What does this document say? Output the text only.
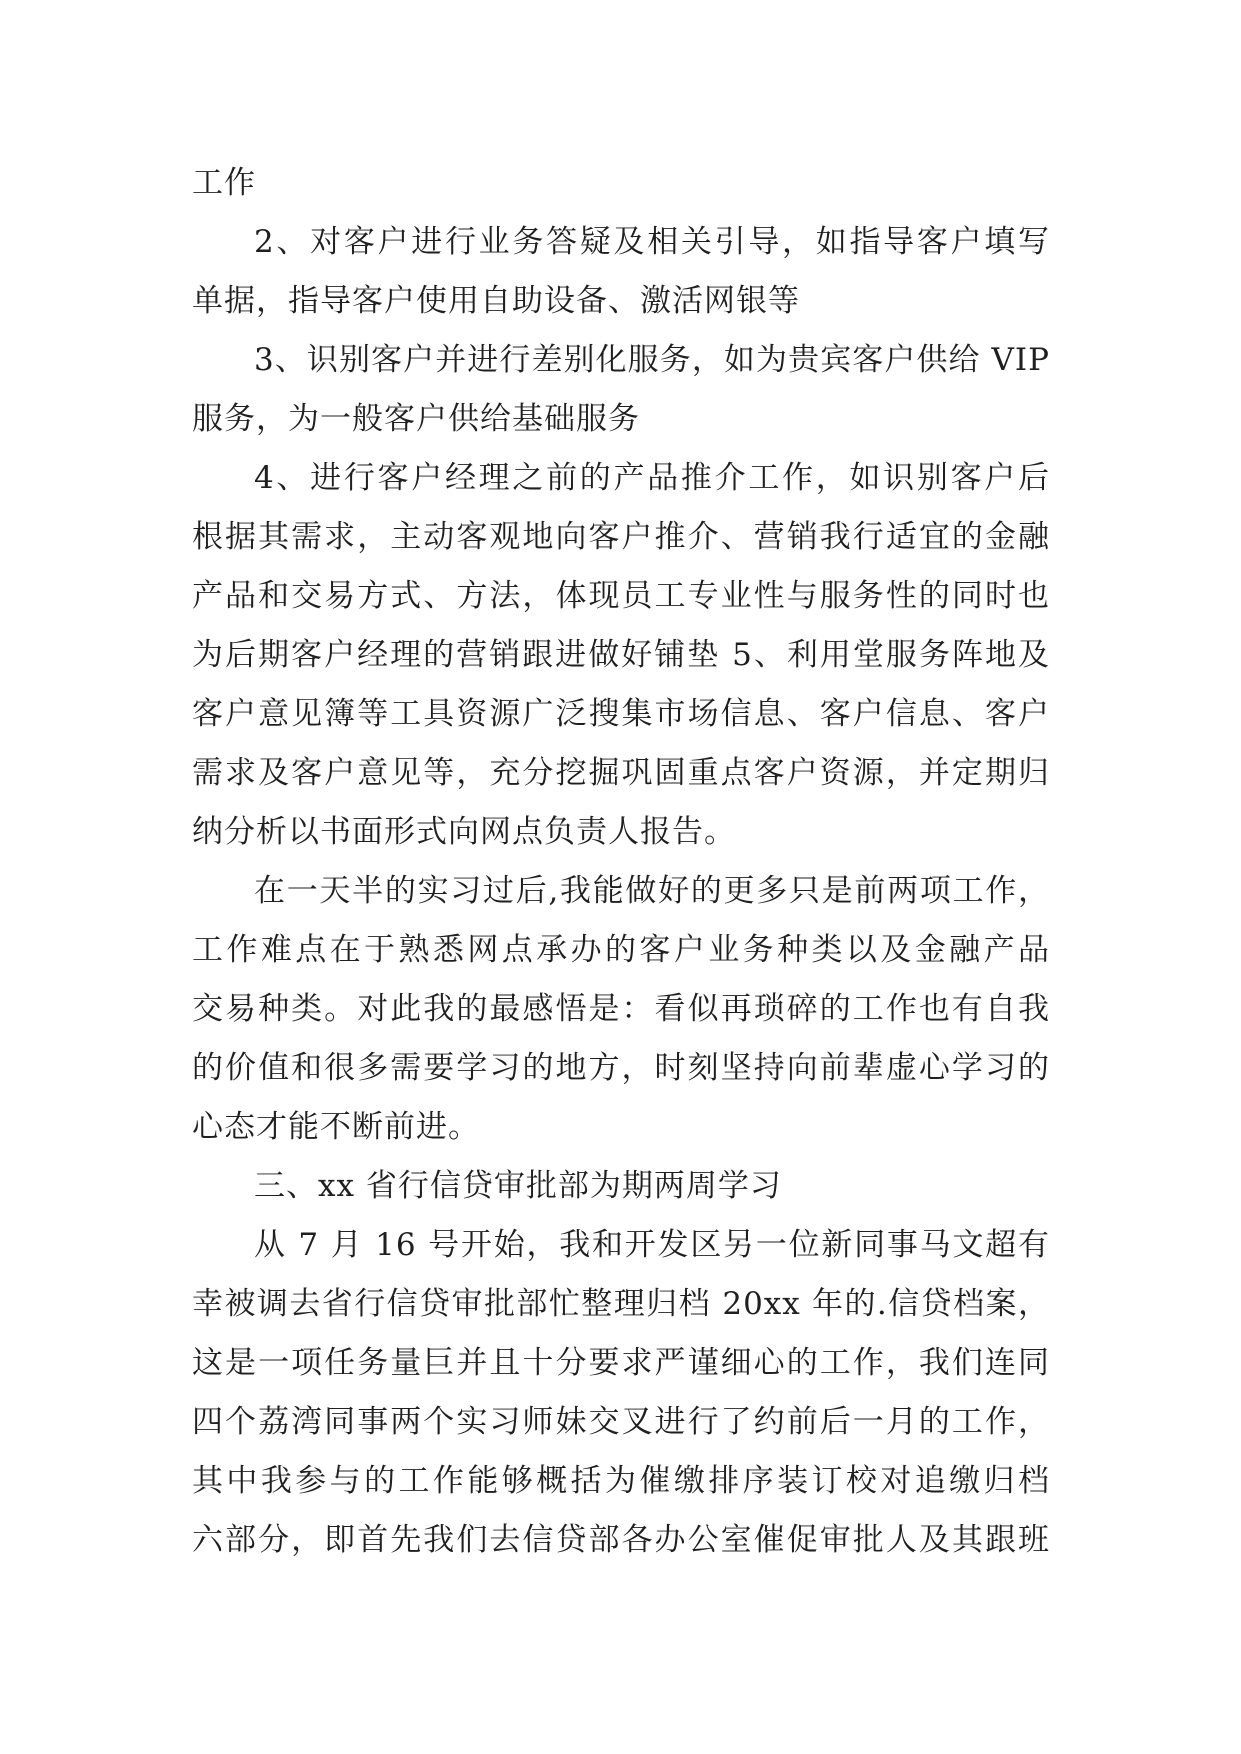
工作
2、对客户进行业务答疑及相关引导，如指导客户填写
单据，指导客户使用自助设备、激活网银等
3、识别客户并进行差别化服务，如为贵宾客户供给 VIP
服务，为一般客户供给基础服务
4、进行客户经理之前的产品推介工作，如识别客户后
根据其需求，主动客观地向客户推介、营销我行适宜的金融
产品和交易方式、方法，体现员工专业性与服务性的同时也
为后期客户经理的营销跟进做好铺垫 5、利用堂服务阵地及
客户意见簿等工具资源广泛搜集市场信息、客户信息、客户
需求及客户意见等，充分挖掘巩固重点客户资源，并定期归
纳分析以书面形式向网点负责人报告。
在一天半的实习过后,我能做好的更多只是前两项工作，
工作难点在于熟悉网点承办的客户业务种类以及金融产品
交易种类。对此我的最感悟是：看似再琐碎的工作也有自我
的价值和很多需要学习的地方，时刻坚持向前辈虚心学习的
心态才能不断前进。
三、xx 省行信贷审批部为期两周学习
从 7 月 16 号开始，我和开发区另一位新同事马文超有
幸被调去省行信贷审批部忙整理归档 20xx 年的.信贷档案，
这是一项任务量巨并且十分要求严谨细心的工作，我们连同
四个荔湾同事两个实习师妹交叉进行了约前后一月的工作，
其中我参与的工作能够概括为催缴排序装订校对追缴归档
六部分，即首先我们去信贷部各办公室催促审批人及其跟班
